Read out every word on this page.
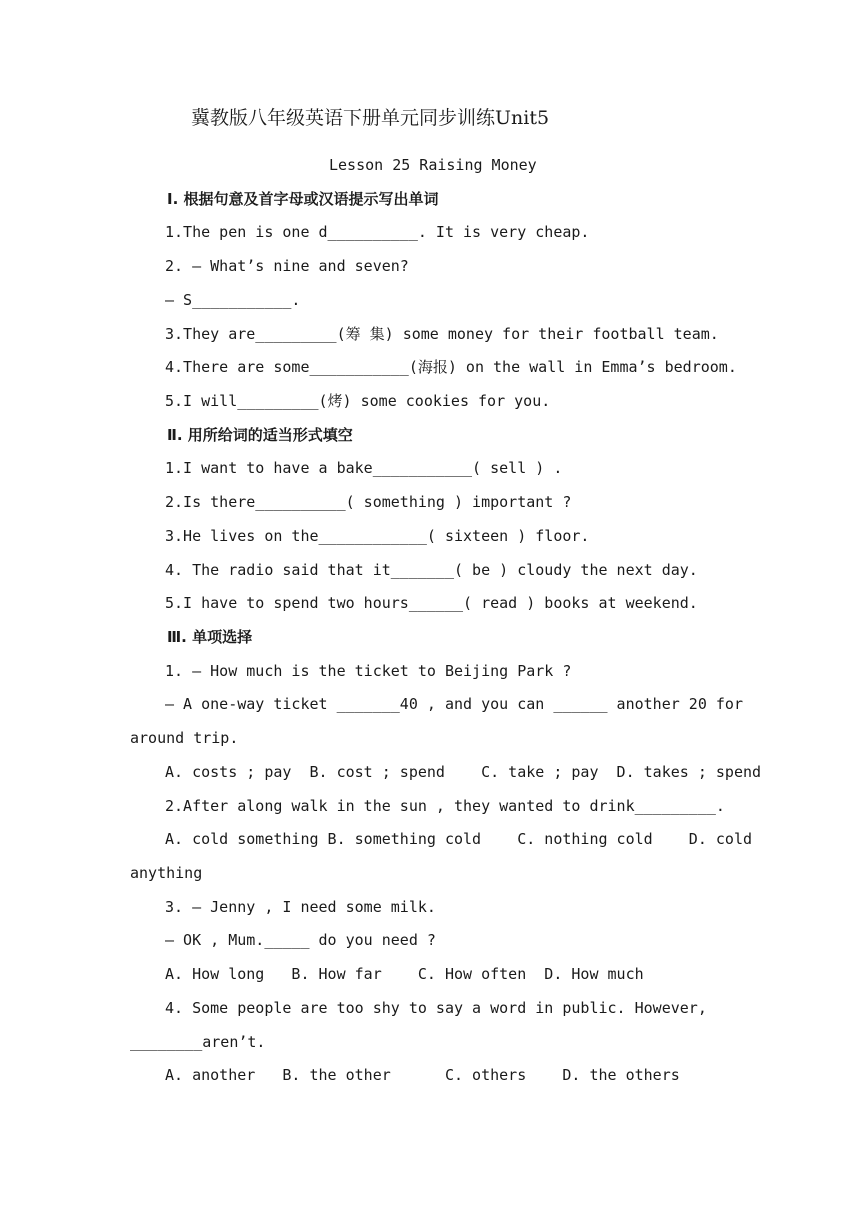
冀教版八年级英语下册单元同步训练Unit5
Lesson 25 Raising Money
Ⅰ. 根据句意及首字母或汉语提示写出单词
1.The pen is one d__________. It is very cheap.
2. — What’s nine and seven?
— S___________.
3.They are_________(筹 集) some money for their football team.
4.There are some___________(海报) on the wall in Emma’s bedroom.
5.I will_________(烤) some cookies for you.
Ⅱ. 用所给词的适当形式填空
1.I want to have a bake___________( sell ) .
2.Is there__________( something ) important ?
3.He lives on the____________( sixteen ) floor.
4. The radio said that it_______( be ) cloudy the next day.
5.I have to spend two hours______( read ) books at weekend.
Ⅲ. 单项选择
1. — How much is the ticket to Beijing Park ?
— A one-way ticket _______40 , and you can ______ another 20 for
around trip.
A. costs ; pay  B. cost ; spend    C. take ; pay  D. takes ; spend
2.After along walk in the sun , they wanted to drink_________.
A. cold something B. something cold    C. nothing cold    D. cold
anything
3. — Jenny , I need some milk.
— OK , Mum._____ do you need ?
A. How long   B. How far    C. How often  D. How much
4. Some people are too shy to say a word in public. However,
________aren’t.
A. another   B. the other      C. others    D. the others
